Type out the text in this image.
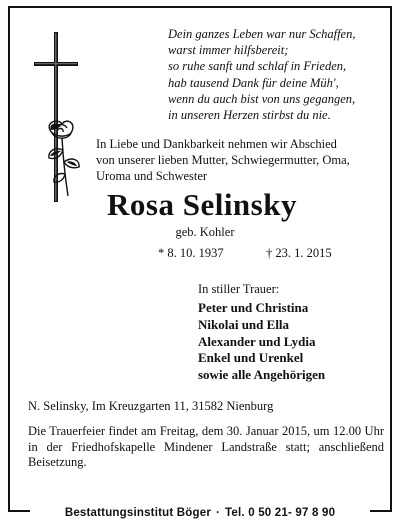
Dein ganzes Leben war nur Schaffen,
warst immer hilfsbereit;
so ruhe sanft und schlaf in Frieden,
hab tausend Dank für deine Müh',
wenn du auch bist von uns gegangen,
in unseren Herzen stirbst du nie.
In Liebe und Dankbarkeit nehmen wir Abschied
von unserer lieben Mutter, Schwiegermutter, Oma,
Uroma und Schwester
Rosa Selinsky
geb. Kohler
* 8. 10. 1937	† 23. 1. 2015
In stiller Trauer:
Peter und Christina
Nikolai und Ella
Alexander und Lydia
Enkel und Urenkel
sowie alle Angehörigen
N. Selinsky, Im Kreuzgarten 11, 31582 Nienburg
Die Trauerfeier findet am Freitag, dem 30. Januar 2015, um 12.00 Uhr in der Friedhofskapelle Mindener Landstraße statt; anschließend Beisetzung.
Bestattungsinstitut Böger · Tel. 0 50 21- 97 8 90
